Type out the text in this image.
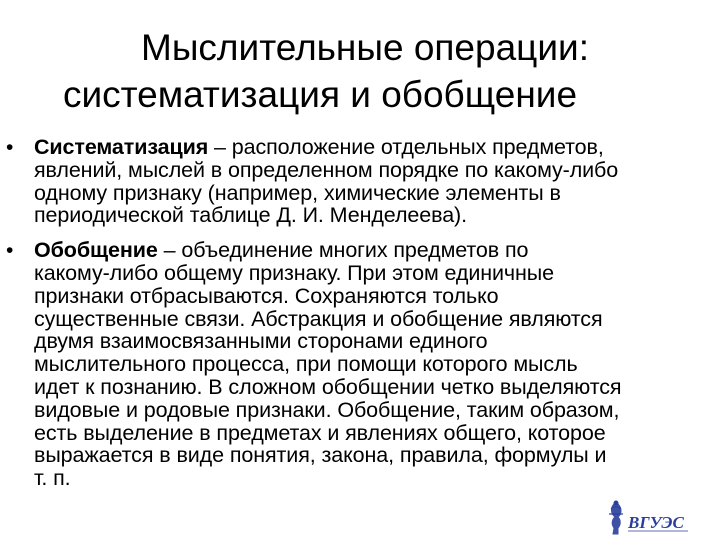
Мыслительные операции:
систематизация и обобщение
• Систематизация – расположение отдельных предметов,
явлений, мыслей в определенном порядке по какому-либо
одному признаку (например, химические элементы в
периодической таблице Д. И. Менделеева).
• Обобщение – объединение многих предметов по
какому-либо общему признаку. При этом единичные
признаки отбрасываются. Сохраняются только
существенные связи. Абстракция и обобщение являются
двумя взаимосвязанными сторонами единого
мыслительного процесса, при помощи которого мысль
идет к познанию. В сложном обобщении четко выделяются
видовые и родовые признаки. Обобщение, таким образом,
есть выделение в предметах и явлениях общего, которое
выражается в виде понятия, закона, правила, формулы и
т. п.
ВГУЭС
